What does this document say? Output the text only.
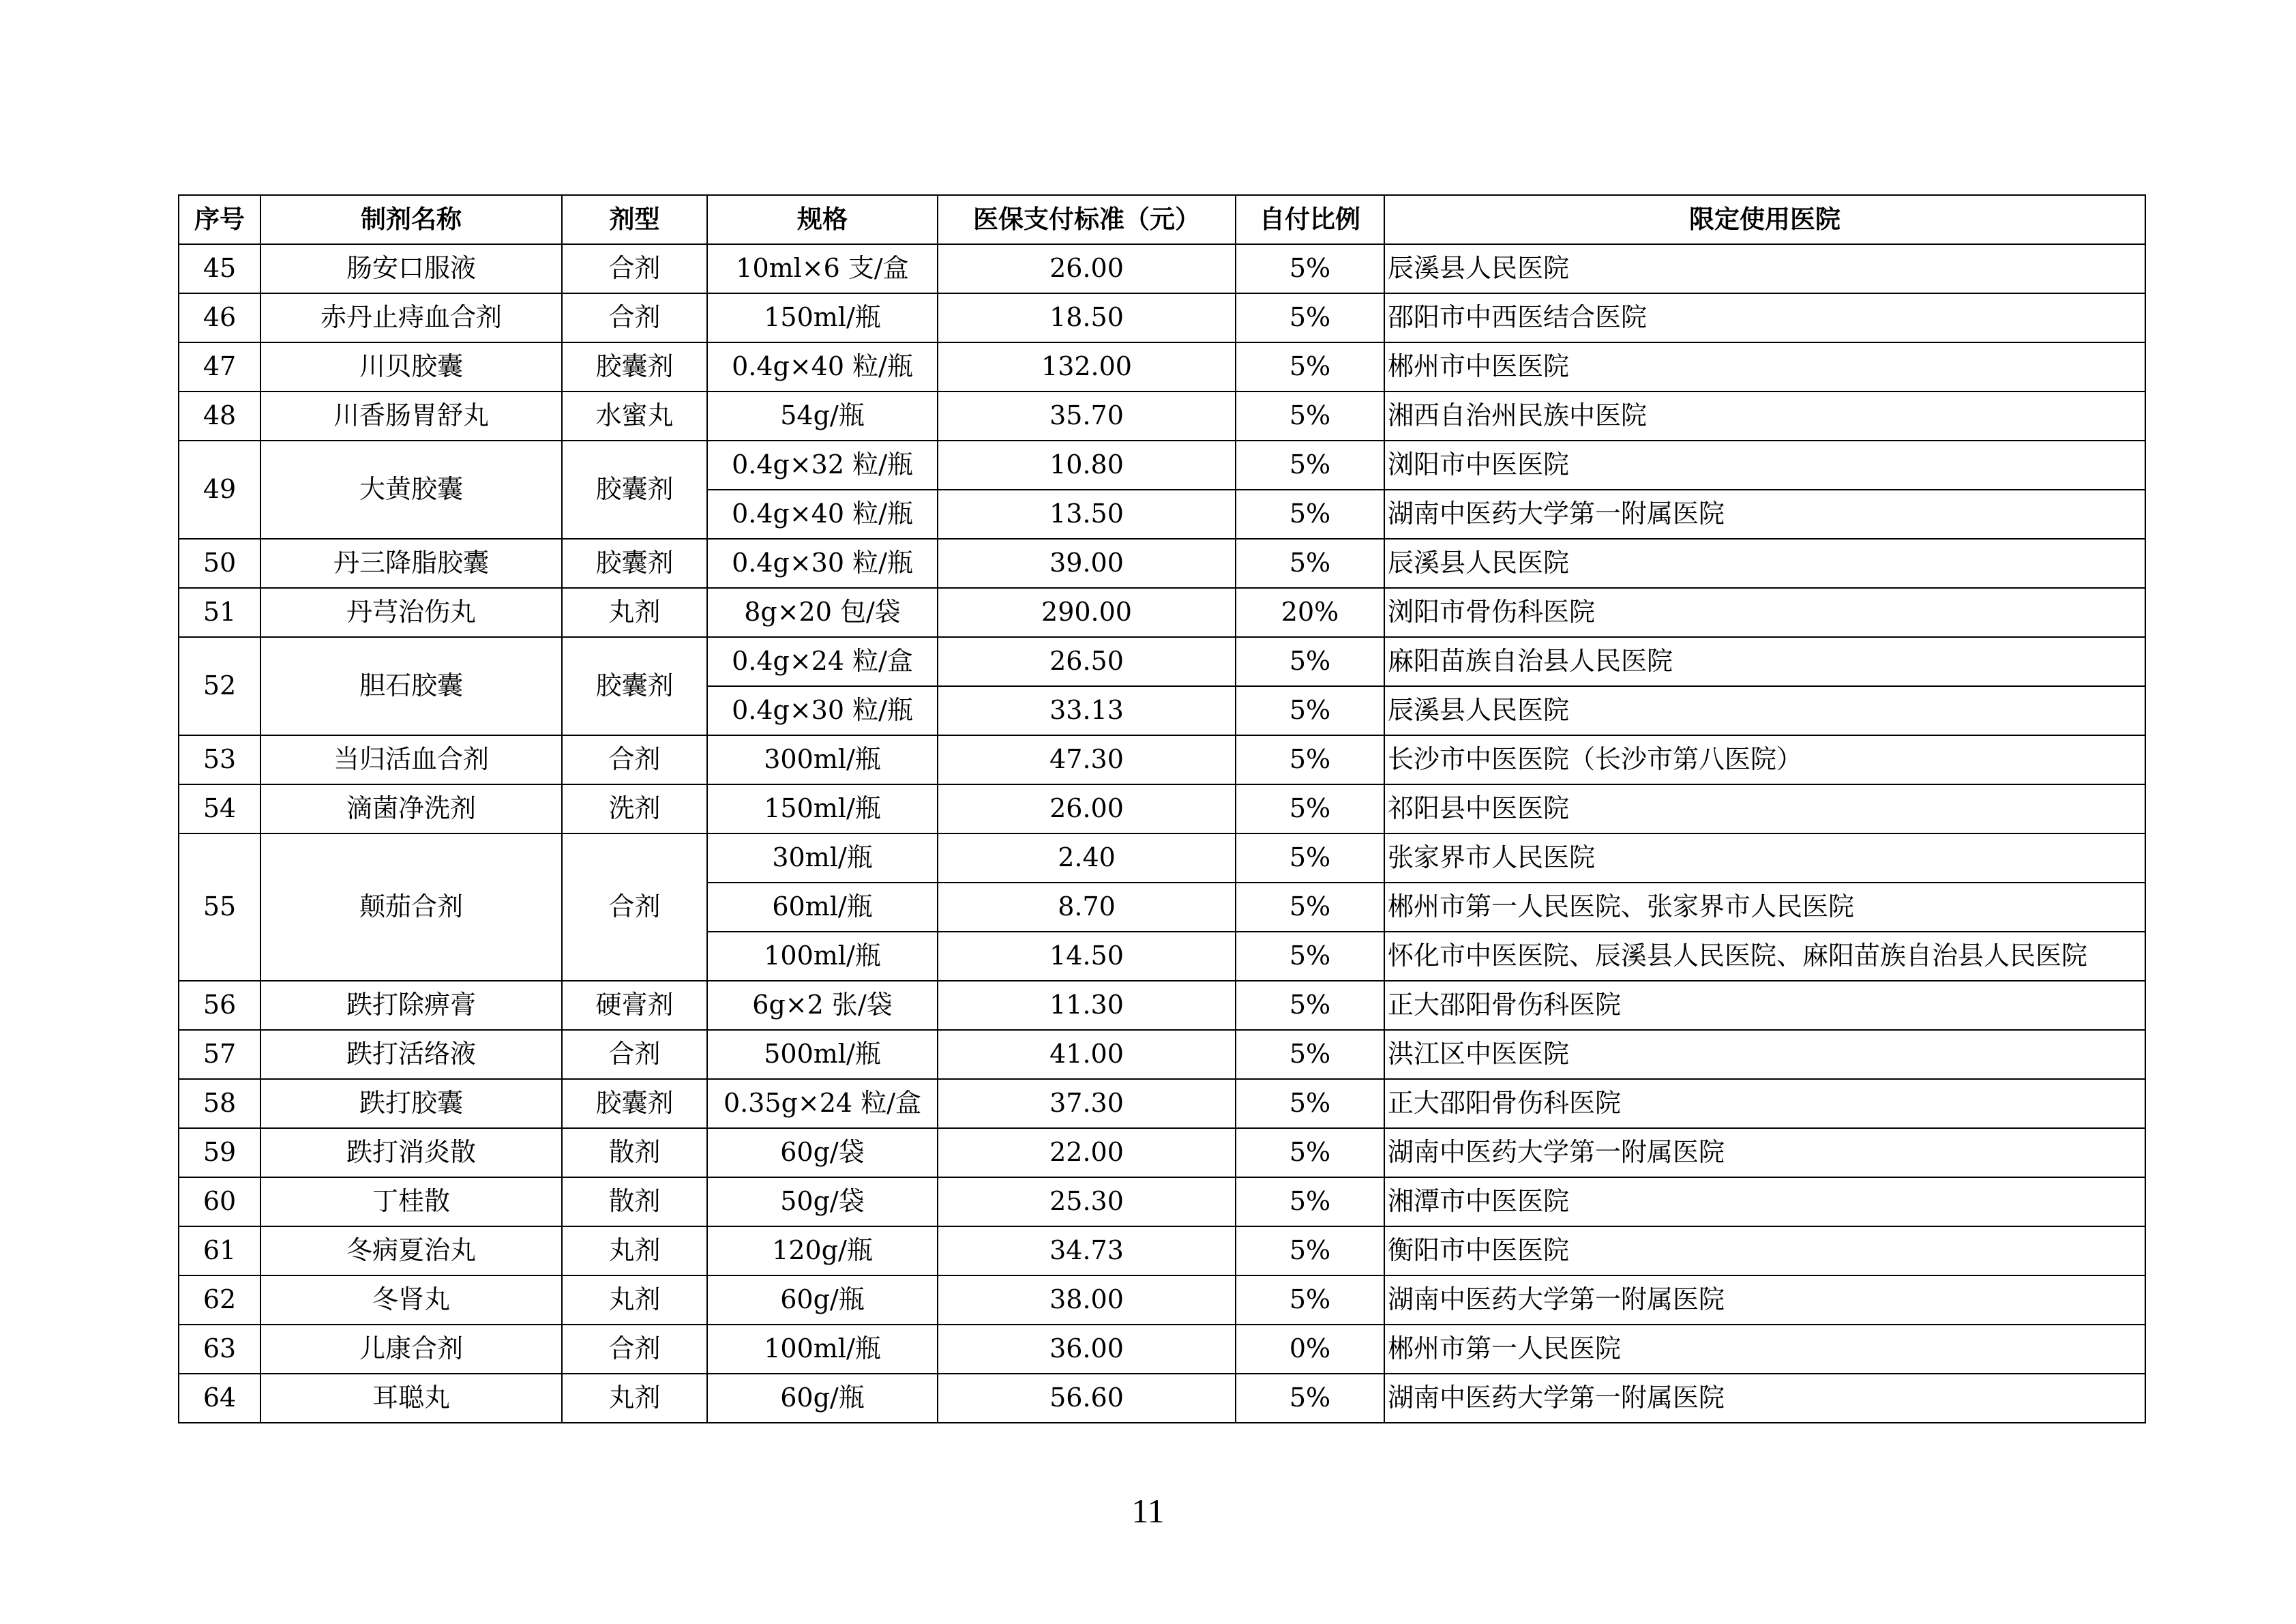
序号	制剂名称	剂型	规格	医保支付标准（元）	自付比例	限定使用医院
45	肠安口服液	合剂	10ml×6 支/盒	26.00	5%	辰溪县人民医院
46	赤丹止痔血合剂	合剂	150ml/瓶	18.50	5%	邵阳市中西医结合医院
47	川贝胶囊	胶囊剂	0.4g×40 粒/瓶	132.00	5%	郴州市中医医院
48	川香肠胃舒丸	水蜜丸	54g/瓶	35.70	5%	湘西自治州民族中医院
49	大黄胶囊	胶囊剂	0.4g×32 粒/瓶	10.80	5%	浏阳市中医医院
			0.4g×40 粒/瓶	13.50	5%	湖南中医药大学第一附属医院
50	丹三降脂胶囊	胶囊剂	0.4g×30 粒/瓶	39.00	5%	辰溪县人民医院
51	丹芎治伤丸	丸剂	8g×20 包/袋	290.00	20%	浏阳市骨伤科医院
52	胆石胶囊	胶囊剂	0.4g×24 粒/盒	26.50	5%	麻阳苗族自治县人民医院
			0.4g×30 粒/瓶	33.13	5%	辰溪县人民医院
53	当归活血合剂	合剂	300ml/瓶	47.30	5%	长沙市中医医院（长沙市第八医院）
54	滴菌净洗剂	洗剂	150ml/瓶	26.00	5%	祁阳县中医医院
55	颠茄合剂	合剂	30ml/瓶	2.40	5%	张家界市人民医院
			60ml/瓶	8.70	5%	郴州市第一人民医院、张家界市人民医院
			100ml/瓶	14.50	5%	怀化市中医医院、辰溪县人民医院、麻阳苗族自治县人民医院
56	跌打除痹膏	硬膏剂	6g×2 张/袋	11.30	5%	正大邵阳骨伤科医院
57	跌打活络液	合剂	500ml/瓶	41.00	5%	洪江区中医医院
58	跌打胶囊	胶囊剂	0.35g×24 粒/盒	37.30	5%	正大邵阳骨伤科医院
59	跌打消炎散	散剂	60g/袋	22.00	5%	湖南中医药大学第一附属医院
60	丁桂散	散剂	50g/袋	25.30	5%	湘潭市中医医院
61	冬病夏治丸	丸剂	120g/瓶	34.73	5%	衡阳市中医医院
62	冬肾丸	丸剂	60g/瓶	38.00	5%	湖南中医药大学第一附属医院
63	儿康合剂	合剂	100ml/瓶	36.00	0%	郴州市第一人民医院
64	耳聪丸	丸剂	60g/瓶	56.60	5%	湖南中医药大学第一附属医院
11
